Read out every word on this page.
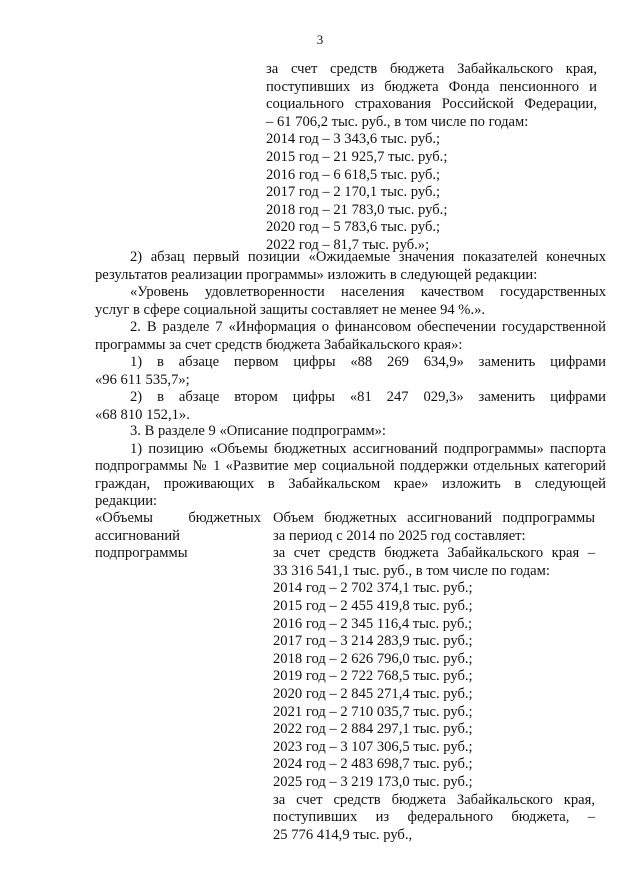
3
за счет средств бюджета Забайкальского края,
поступивших из бюджета Фонда пенсионного и
социального страхования Российской Федерации,
– 61 706,2 тыс. руб., в том числе по годам:
2014 год – 3 343,6 тыс. руб.;
2015 год – 21 925,7 тыс. руб.;
2016 год – 6 618,5 тыс. руб.;
2017 год – 2 170,1 тыс. руб.;
2018 год – 21 783,0 тыс. руб.;
2020 год – 5 783,6 тыс. руб.;
2022 год – 81,7 тыс. руб.»;
2) абзац первый позиции «Ожидаемые значения показателей конечных
результатов реализации программы» изложить в следующей редакции:
«Уровень удовлетворенности населения качеством государственных
услуг в сфере социальной защиты составляет не менее 94 %.».
2. В разделе 7 «Информация о финансовом обеспечении государственной
программы за счет средств бюджета Забайкальского края»:
1) в абзаце первом цифры «88 269 634,9» заменить цифрами
«96 611 535,7»;
2) в абзаце втором цифры «81 247 029,3» заменить цифрами
«68 810 152,1».
3. В разделе 9 «Описание подпрограмм»:
1) позицию «Объемы бюджетных ассигнований подпрограммы» паспорта
подпрограммы № 1 «Развитие мер социальной поддержки отдельных категорий
граждан, проживающих в Забайкальском крае» изложить в следующей
редакции:
«Объемы бюджетных
ассигнований
подпрограммы
Объем бюджетных ассигнований подпрограммы
за период с 2014 по 2025 год составляет:
за счет средств бюджета Забайкальского края –
33 316 541,1 тыс. руб., в том числе по годам:
2014 год – 2 702 374,1 тыс. руб.;
2015 год – 2 455 419,8 тыс. руб.;
2016 год – 2 345 116,4 тыс. руб.;
2017 год – 3 214 283,9 тыс. руб.;
2018 год – 2 626 796,0 тыс. руб.;
2019 год – 2 722 768,5 тыс. руб.;
2020 год – 2 845 271,4 тыс. руб.;
2021 год – 2 710 035,7 тыс. руб.;
2022 год – 2 884 297,1 тыс. руб.;
2023 год – 3 107 306,5 тыс. руб.;
2024 год – 2 483 698,7 тыс. руб.;
2025 год – 3 219 173,0 тыс. руб.;
за счет средств бюджета Забайкальского края,
поступивших из федерального бюджета, –
25 776 414,9 тыс. руб.,
